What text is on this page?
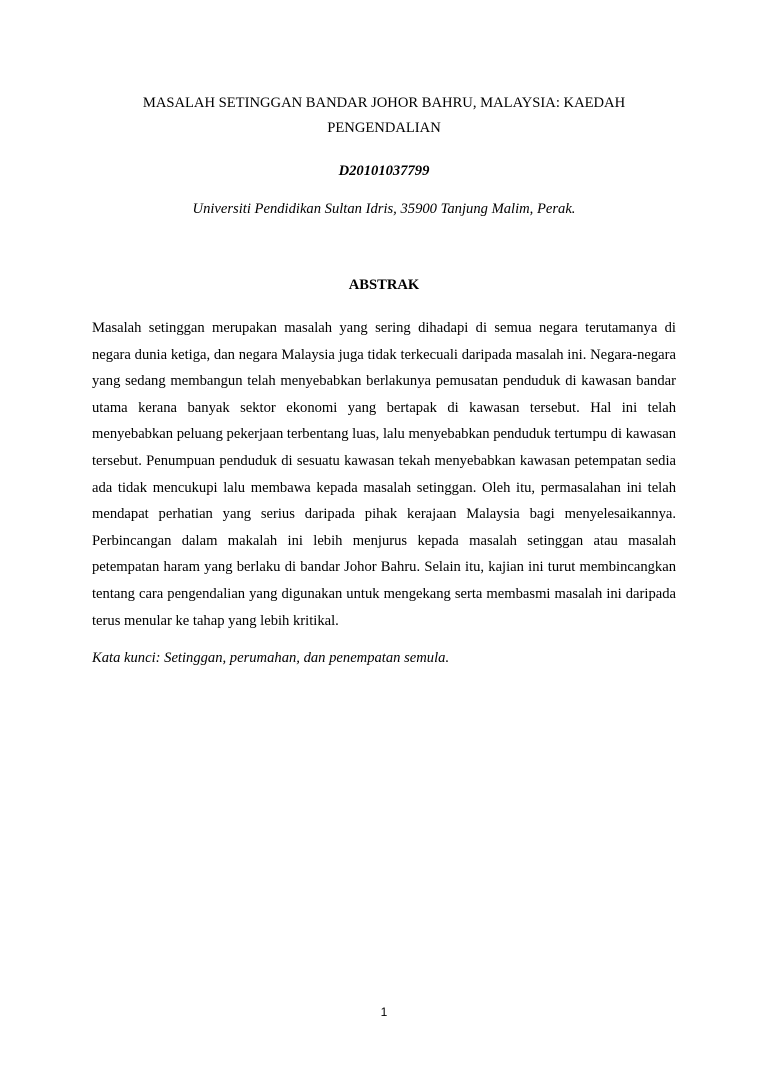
MASALAH SETINGGAN BANDAR JOHOR BAHRU, MALAYSIA: KAEDAH
PENGENDALIAN

D20101037799

Universiti Pendidikan Sultan Idris, 35900 Tanjung Malim, Perak.

ABSTRAK

Masalah setinggan merupakan masalah yang sering dihadapi di semua negara terutamanya di negara dunia ketiga, dan negara Malaysia juga tidak terkecuali daripada masalah ini. Negara-negara yang sedang membangun telah menyebabkan berlakunya pemusatan penduduk di kawasan bandar utama kerana banyak sektor ekonomi yang bertapak di kawasan tersebut. Hal ini telah menyebabkan peluang pekerjaan terbentang luas, lalu menyebabkan penduduk tertumpu di kawasan tersebut. Penumpuan penduduk di sesuatu kawasan tekah menyebabkan kawasan petempatan sedia ada tidak mencukupi lalu membawa kepada masalah setinggan. Oleh itu, permasalahan ini telah mendapat perhatian yang serius daripada pihak kerajaan Malaysia bagi menyelesaikannya. Perbincangan dalam makalah ini lebih menjurus kepada masalah setinggan atau masalah petempatan haram yang berlaku di bandar Johor Bahru. Selain itu, kajian ini turut membincangkan tentang cara pengendalian yang digunakan untuk mengekang serta membasmi masalah ini daripada terus menular ke tahap yang lebih kritikal.

Kata kunci: Setinggan, perumahan, dan penempatan semula.

1
